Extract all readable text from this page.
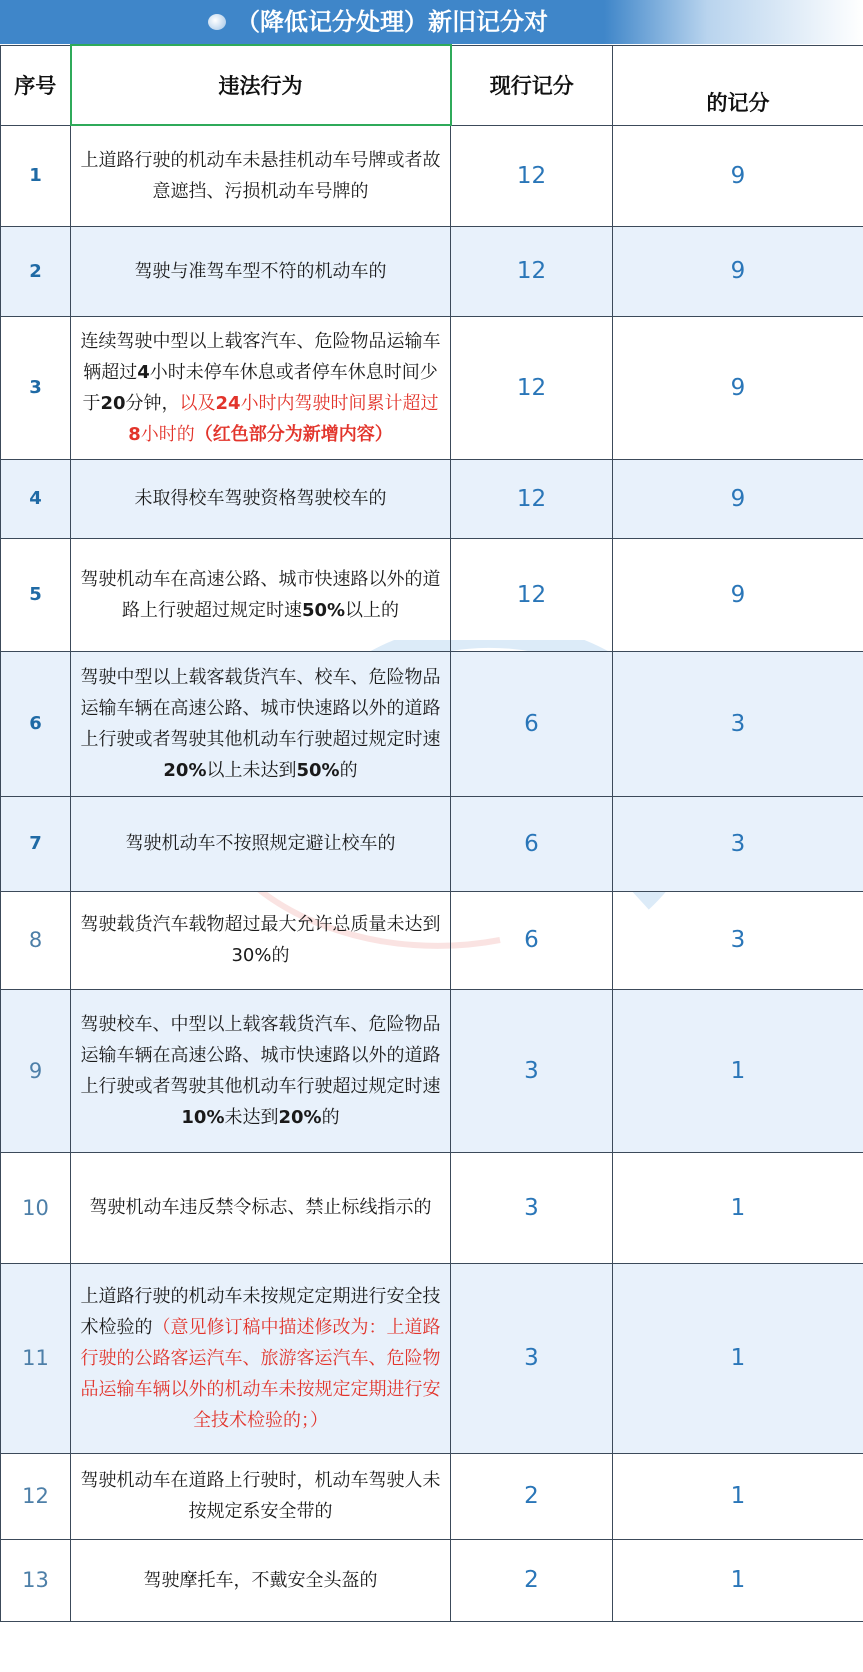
（降低记分处理）新旧记分对
序号	违法行为	现行记分	的记分
1	上道路行驶的机动车未悬挂机动车号牌或者故意遮挡、污损机动车号牌的	12	9
2	驾驶与准驾车型不符的机动车的	12	9
3	连续驾驶中型以上载客汽车、危险物品运输车辆超过4小时未停车休息或者停车休息时间少于20分钟，以及24小时内驾驶时间累计超过8小时的（红色部分为新增内容）	12	9
4	未取得校车驾驶资格驾驶校车的	12	9
5	驾驶机动车在高速公路、城市快速路以外的道路上行驶超过规定时速50%以上的	12	9
6	驾驶中型以上载客载货汽车、校车、危险物品运输车辆在高速公路、城市快速路以外的道路上行驶或者驾驶其他机动车行驶超过规定时速20%以上未达到50%的	6	3
7	驾驶机动车不按照规定避让校车的	6	3
8	驾驶载货汽车载物超过最大允许总质量未达到30%的	6	3
9	驾驶校车、中型以上载客载货汽车、危险物品运输车辆在高速公路、城市快速路以外的道路上行驶或者驾驶其他机动车行驶超过规定时速10%未达到20%的	3	1
10	驾驶机动车违反禁令标志、禁止标线指示的	3	1
11	上道路行驶的机动车未按规定定期进行安全技术检验的（意见修订稿中描述修改为：上道路行驶的公路客运汽车、旅游客运汽车、危险物品运输车辆以外的机动车未按规定定期进行安全技术检验的；）	3	1
12	驾驶机动车在道路上行驶时，机动车驾驶人未按规定系安全带的	2	1
13	驾驶摩托车，不戴安全头盔的	2	1
